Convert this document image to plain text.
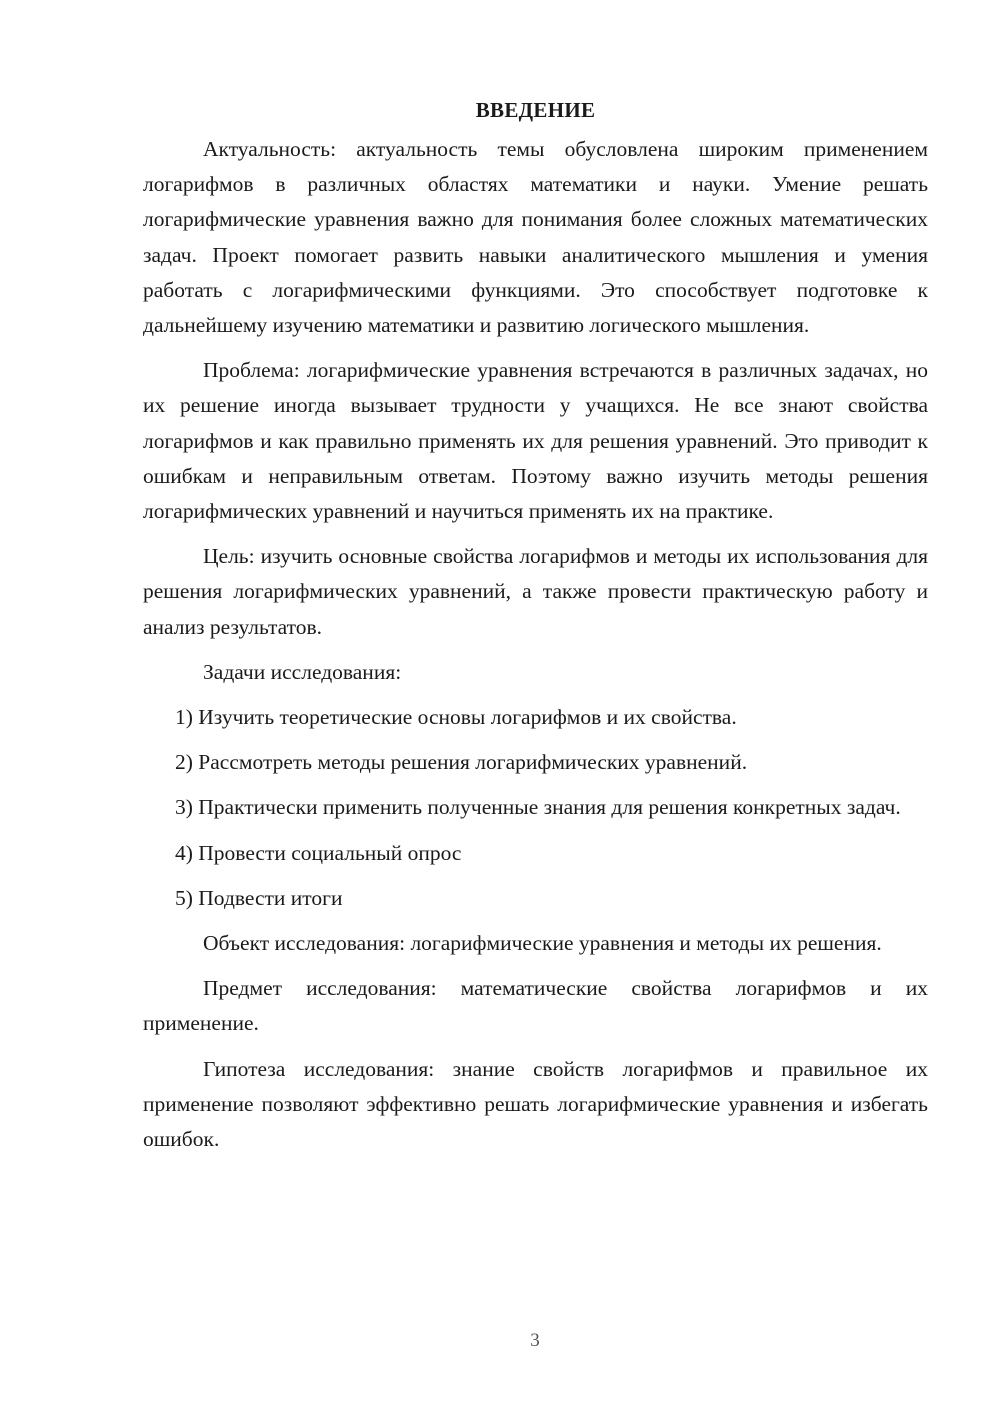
ВВЕДЕНИЕ

Актуальность: актуальность темы обусловлена широким применением логарифмов в различных областях математики и науки. Умение решать логарифмические уравнения важно для понимания более сложных математических задач. Проект помогает развить навыки аналитического мышления и умения работать с логарифмическими функциями. Это способствует подготовке к дальнейшему изучению математики и развитию логического мышления.

Проблема: логарифмические уравнения встречаются в различных задачах, но их решение иногда вызывает трудности у учащихся. Не все знают свойства логарифмов и как правильно применять их для решения уравнений. Это приводит к ошибкам и неправильным ответам. Поэтому важно изучить методы решения логарифмических уравнений и научиться применять их на практике.

Цель: изучить основные свойства логарифмов и методы их использования для решения логарифмических уравнений, а также провести практическую работу и анализ результатов.

Задачи исследования:

1) Изучить теоретические основы логарифмов и их свойства.

2) Рассмотреть методы решения логарифмических уравнений.

3) Практически применить полученные знания для решения конкретных задач.

4) Провести социальный опрос

5) Подвести итоги

Объект исследования: логарифмические уравнения и методы их решения.

Предмет исследования: математические свойства логарифмов и их применение.

Гипотеза исследования: знание свойств логарифмов и правильное их применение позволяют эффективно решать логарифмические уравнения и избегать ошибок.

3
